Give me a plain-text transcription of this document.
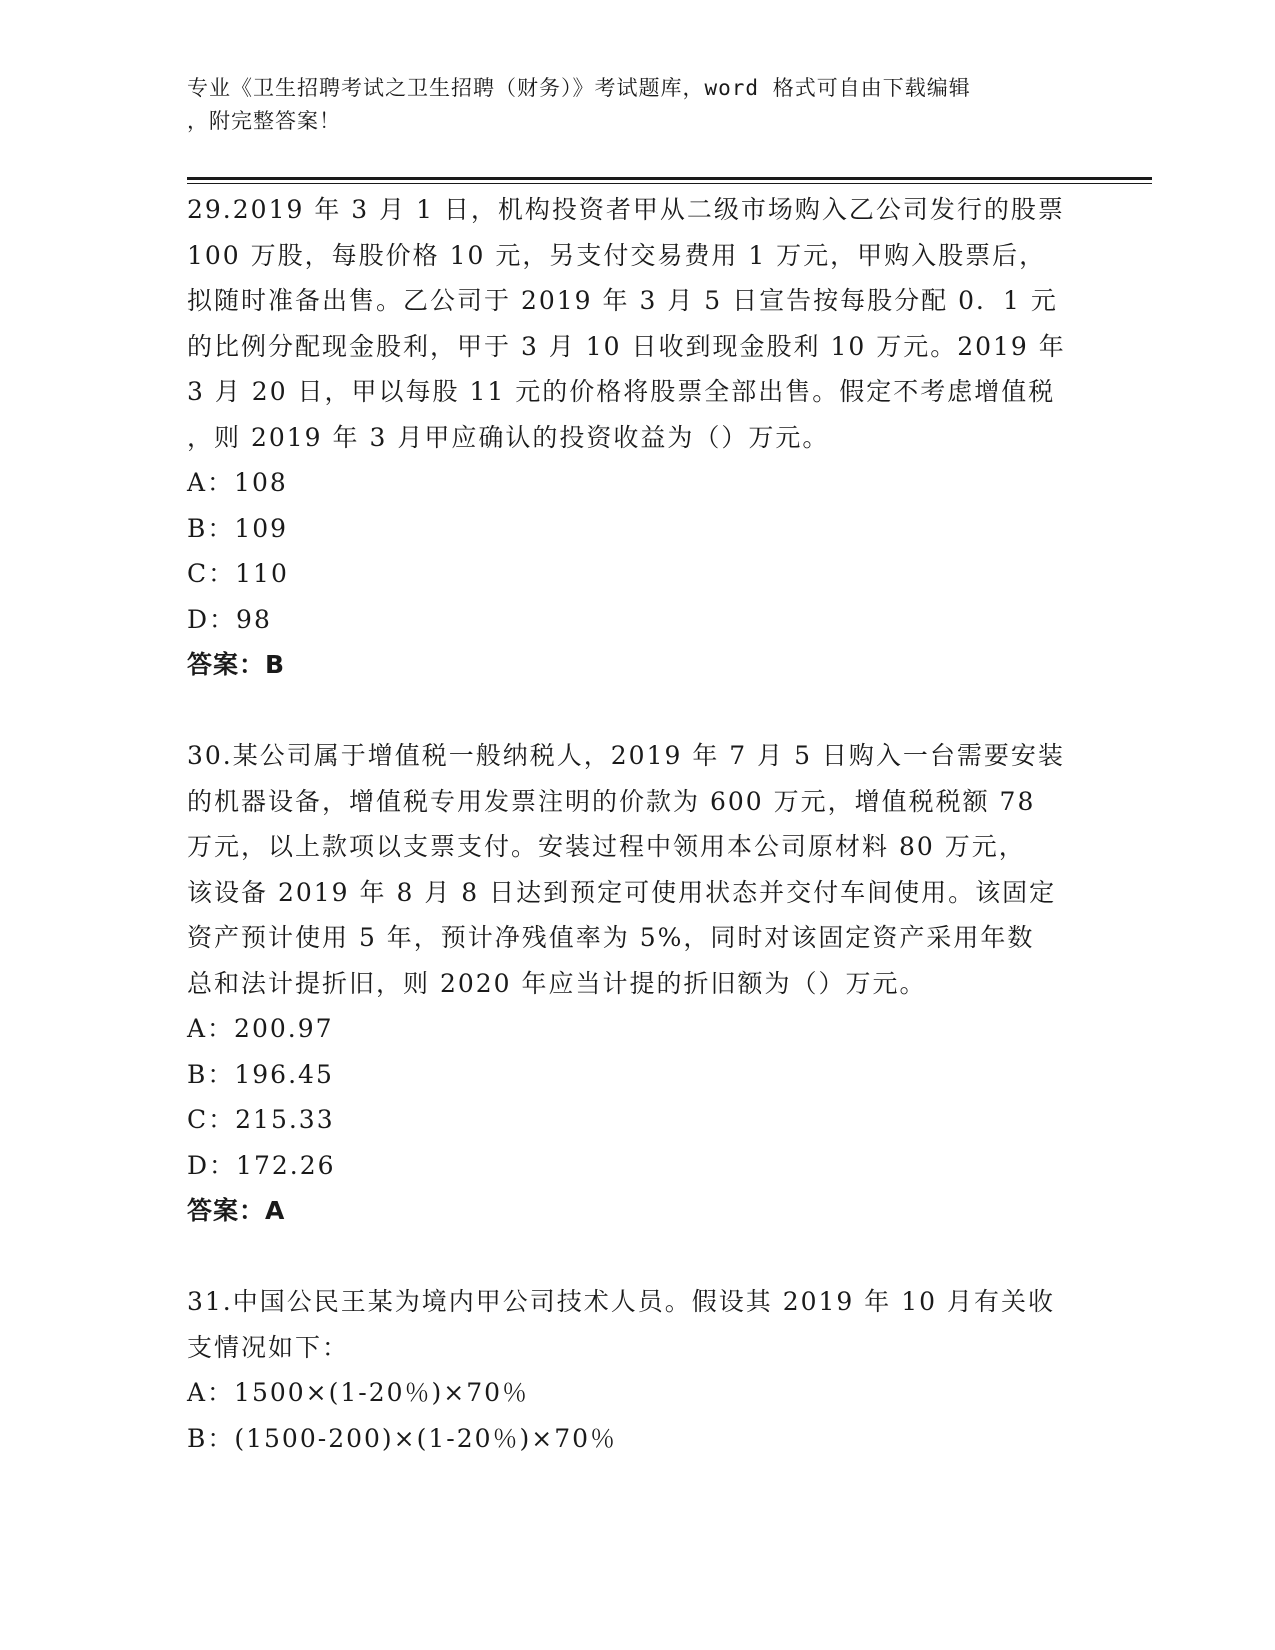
专业《卫生招聘考试之卫生招聘（财务）》考试题库，word 格式可自由下载编辑
，附完整答案！
29.2019 年 3 月 1 日，机构投资者甲从二级市场购入乙公司发行的股票
100 万股，每股价格 10 元，另支付交易费用 1 万元，甲购入股票后，
拟随时准备出售。乙公司于 2019 年 3 月 5 日宣告按每股分配 0．1 元
的比例分配现金股利，甲于 3 月 10 日收到现金股利 10 万元。2019 年
3 月 20 日，甲以每股 11 元的价格将股票全部出售。假定不考虑增值税
，则 2019 年 3 月甲应确认的投资收益为（）万元。
A：108
B：109
C：110
D：98
答案：B
30.某公司属于增值税一般纳税人，2019 年 7 月 5 日购入一台需要安装
的机器设备，增值税专用发票注明的价款为 600 万元，增值税税额 78
万元，以上款项以支票支付。安装过程中领用本公司原材料 80 万元，
该设备 2019 年 8 月 8 日达到预定可使用状态并交付车间使用。该固定
资产预计使用 5 年，预计净残值率为 5%，同时对该固定资产采用年数
总和法计提折旧，则 2020 年应当计提的折旧额为（）万元。
A：200.97
B：196.45
C：215.33
D：172.26
答案：A
31.中国公民王某为境内甲公司技术人员。假设其 2019 年 10 月有关收
支情况如下：
A：1500×(1-20％)×70％
B：(1500-200)×(1-20％)×70％
